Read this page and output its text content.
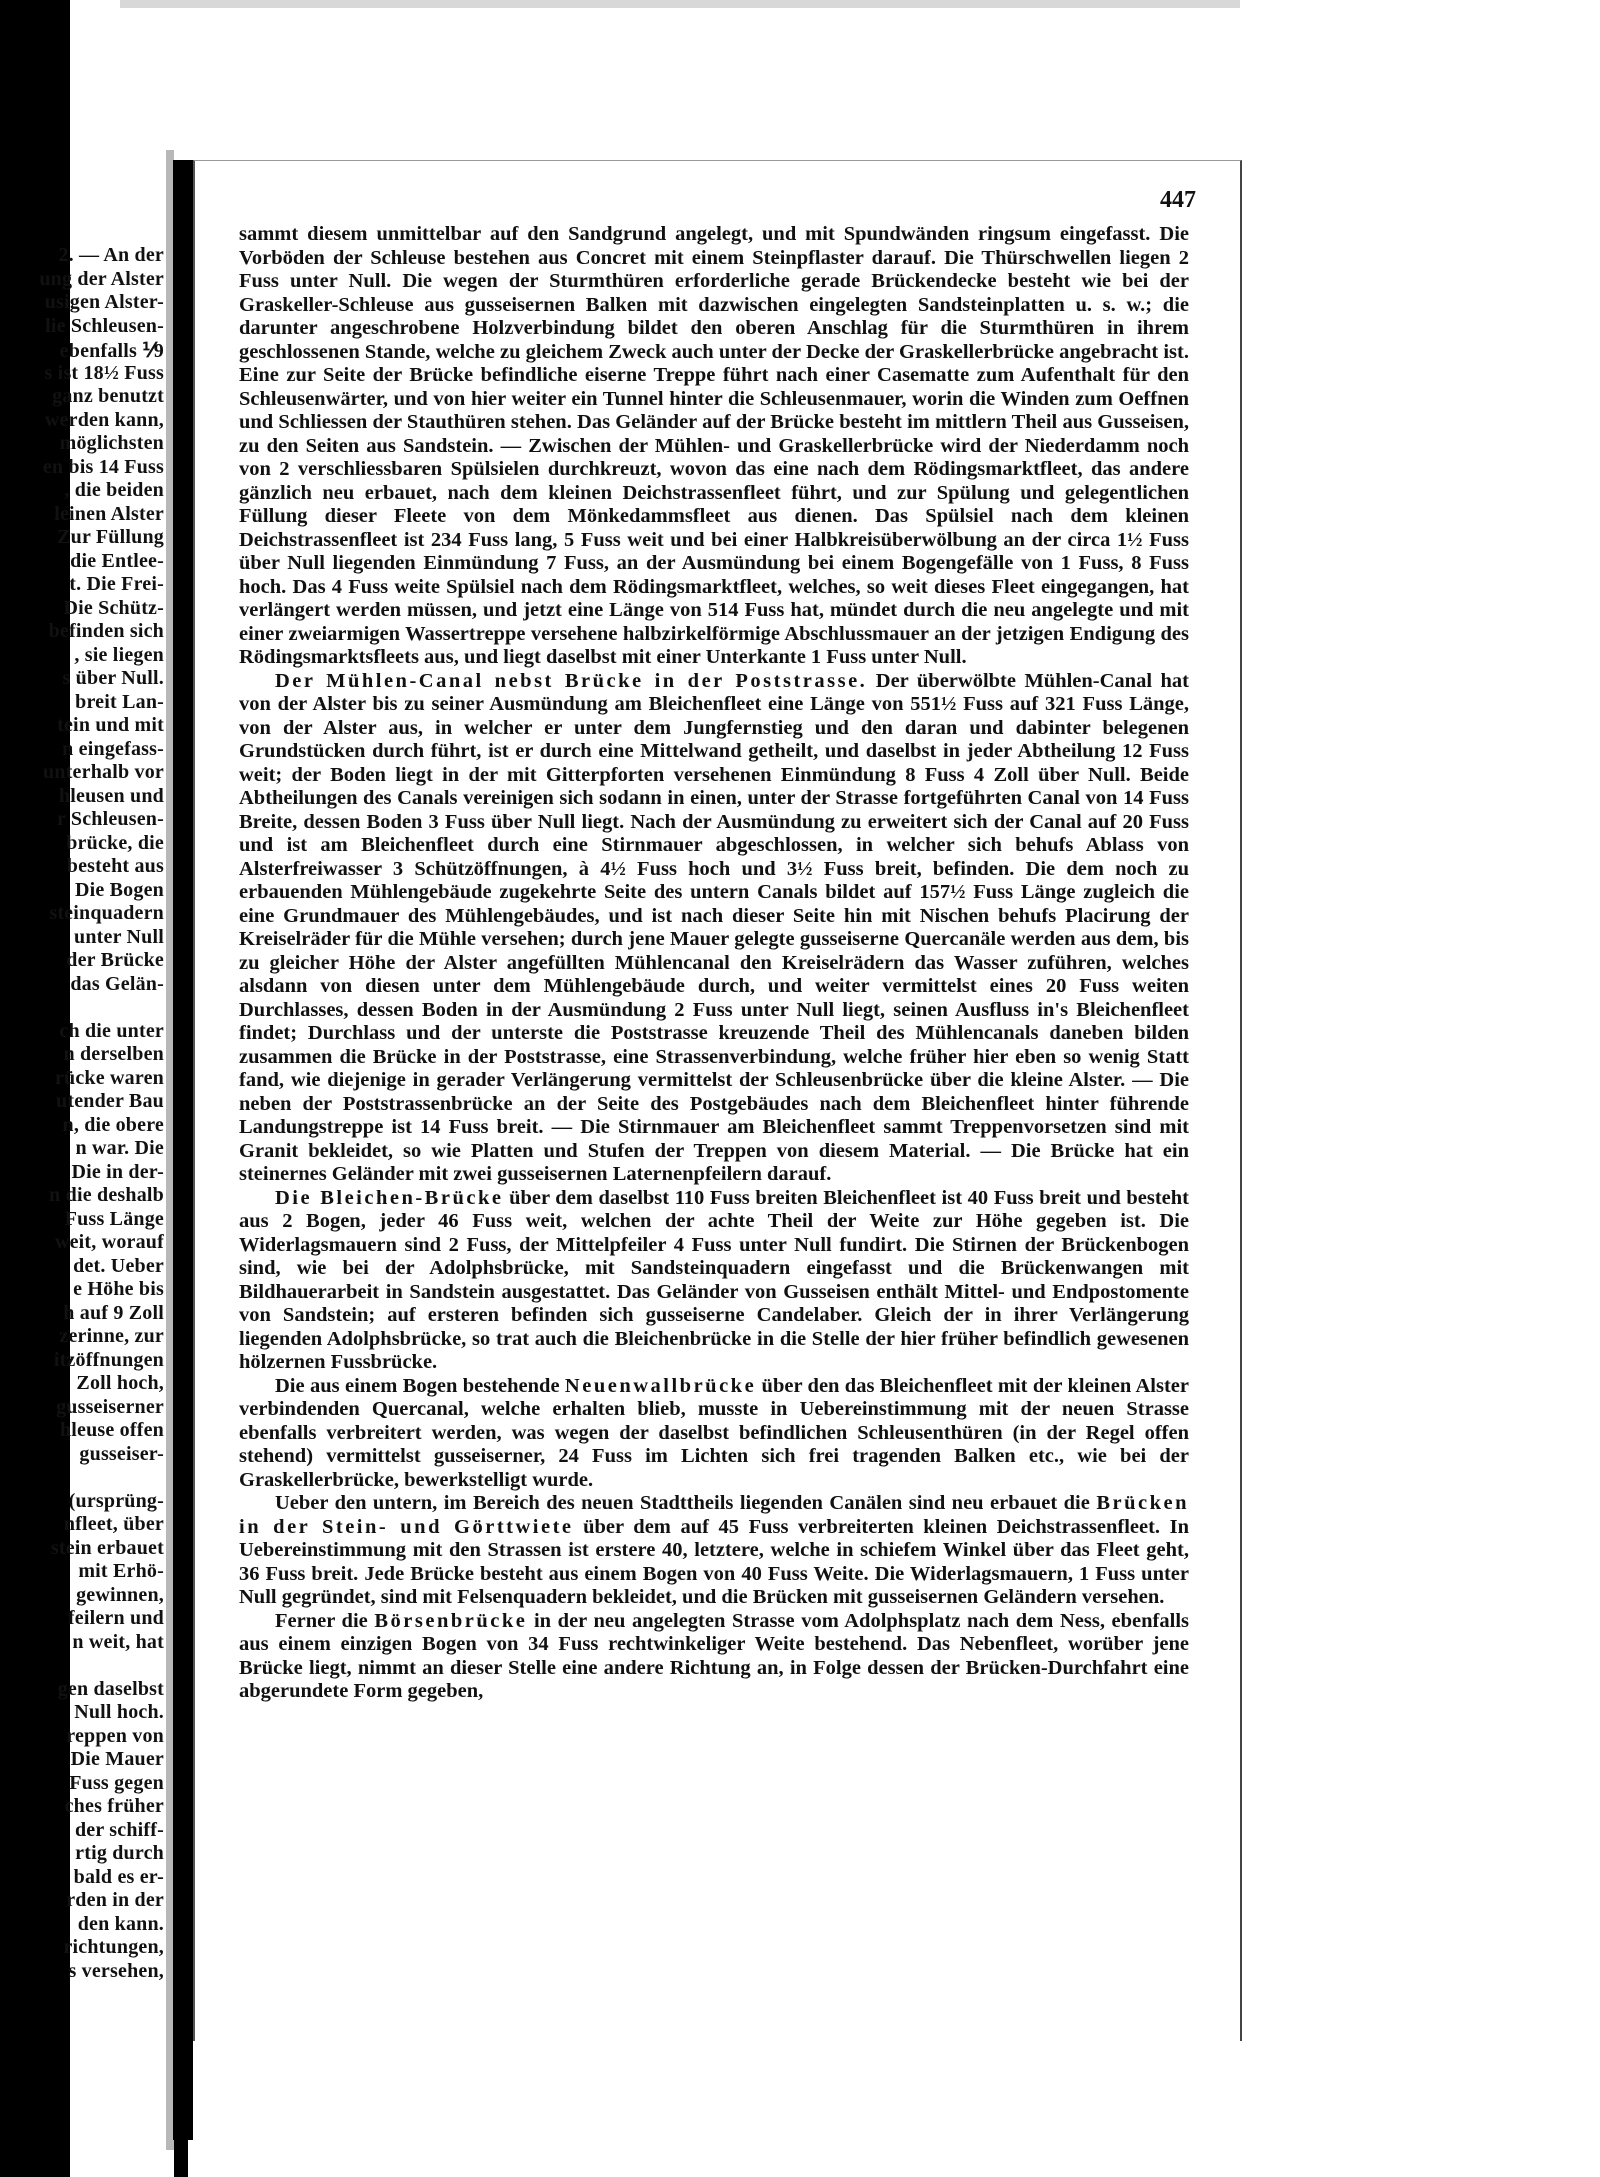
2. — An der
ung der Alster
usigen Alster-
lie Schleusen-
ebenfalls ⅟9
s ist 18½ Fuss
ganz benutzt
werden kann,
möglichsten
en bis 14 Fuss
, die beiden
leinen Alster
Zur Füllung
die Entlee-
t. Die Frei-
Die Schütz-
befinden sich
, sie liegen
s über Null.
breit Lan-
tein und mit
n eingefass-
unterhalb vor
hleusen und
r Schleusen-
brücke, die
besteht aus
Die Bogen
steinquadern
unter Null
der Brücke
das Gelän-
ch die unter
n derselben
rücke waren
utender Bau
n, die obere
n war. Die
Die in der-
n die deshalb
Fuss Länge
weit, worauf
det. Ueber
e Höhe bis
h auf 9 Zoll
zerinne, zur
itzöffnungen
Zoll hoch,
gusseiserner
hleuse offen
gusseiser-
(ursprüng-
nfleet, über
stein erbauet
mit Erhö-
gewinnen,
feilern und
n weit, hat
gen daselbst
Null hoch.
reppen von
Die Mauer
Fuss gegen
ches früher
der schiff-
rtig durch
bald es er-
rden in der
den kann.
richtungen,
s versehen,
447

sammt diesem unmittelbar auf den Sandgrund angelegt, und mit Spundwänden ringsum eingefasst. Die Vorböden der Schleuse bestehen aus Concret mit einem Steinpflaster darauf. Die Thürschwellen liegen 2 Fuss unter Null. Die wegen der Sturmthüren erforderliche gerade Brückendecke besteht wie bei der Graskeller-Schleuse aus gusseisernen Balken mit dazwischen eingelegten Sandsteinplatten u. s. w.; die darunter angeschrobene Holzverbindung bildet den oberen Anschlag für die Sturmthüren in ihrem geschlossenen Stande, welche zu gleichem Zweck auch unter der Decke der Graskellerbrücke angebracht ist. Eine zur Seite der Brücke befindliche eiserne Treppe führt nach einer Casematte zum Aufenthalt für den Schleusenwärter, und von hier weiter ein Tunnel hinter die Schleusenmauer, worin die Winden zum Oeffnen und Schliessen der Stauthüren stehen. Das Geländer auf der Brücke besteht im mittlern Theil aus Gusseisen, zu den Seiten aus Sandstein. — Zwischen der Mühlen- und Graskellerbrücke wird der Niederdamm noch von 2 verschliessbaren Spülsielen durchkreuzt, wovon das eine nach dem Rödingsmarktfleet, das andere gänzlich neu erbauet, nach dem kleinen Deichstrassenfleet führt, und zur Spülung und gelegentlichen Füllung dieser Fleete von dem Mönkedammsfleet aus dienen. Das Spülsiel nach dem kleinen Deichstrassenfleet ist 234 Fuss lang, 5 Fuss weit und bei einer Halbkreisüberwölbung an der circa 1½ Fuss über Null liegenden Einmündung 7 Fuss, an der Ausmündung bei einem Bogengefälle von 1 Fuss, 8 Fuss hoch. Das 4 Fuss weite Spülsiel nach dem Rödingsmarktfleet, welches, so weit dieses Fleet eingegangen, hat verlängert werden müssen, und jetzt eine Länge von 514 Fuss hat, mündet durch die neu angelegte und mit einer zweiarmigen Wassertreppe versehene halbzirkelförmige Abschlussmauer an der jetzigen Endigung des Rödingsmarktsfleets aus, und liegt daselbst mit einer Unterkante 1 Fuss unter Null.

Der Mühlen-Canal nebst Brücke in der Poststrasse. Der überwölbte Mühlen-Canal hat von der Alster bis zu seiner Ausmündung am Bleichenfleet eine Länge von 551½ Fuss auf 321 Fuss Länge, von der Alster aus, in welcher er unter dem Jungfernstieg und den daran und dabinter belegenen Grundstücken durch führt, ist er durch eine Mittelwand getheilt, und daselbst in jeder Abtheilung 12 Fuss weit; der Boden liegt in der mit Gitterpforten versehenen Einmündung 8 Fuss 4 Zoll über Null. Beide Abtheilungen des Canals vereinigen sich sodann in einen, unter der Strasse fortgeführten Canal von 14 Fuss Breite, dessen Boden 3 Fuss über Null liegt. Nach der Ausmündung zu erweitert sich der Canal auf 20 Fuss und ist am Bleichenfleet durch eine Stirnmauer abgeschlossen, in welcher sich behufs Ablass von Alsterfreiwasser 3 Schützöffnungen, à 4½ Fuss hoch und 3½ Fuss breit, befinden. Die dem noch zu erbauenden Mühlengebäude zugekehrte Seite des untern Canals bildet auf 157½ Fuss Länge zugleich die eine Grundmauer des Mühlengebäudes, und ist nach dieser Seite hin mit Nischen behufs Placirung der Kreiselräder für die Mühle versehen; durch jene Mauer gelegte gusseiserne Quercanäle werden aus dem, bis zu gleicher Höhe der Alster angefüllten Mühlencanal den Kreiselrädern das Wasser zuführen, welches alsdann von diesen unter dem Mühlengebäude durch, und weiter vermittelst eines 20 Fuss weiten Durchlasses, dessen Boden in der Ausmündung 2 Fuss unter Null liegt, seinen Ausfluss in's Bleichenfleet findet; Durchlass und der unterste die Poststrasse kreuzende Theil des Mühlencanals daneben bilden zusammen die Brücke in der Poststrasse, eine Strassenverbindung, welche früher hier eben so wenig Statt fand, wie diejenige in gerader Verlängerung vermittelst der Schleusenbrücke über die kleine Alster. — Die neben der Poststrassenbrücke an der Seite des Postgebäudes nach dem Bleichenfleet hinter führende Landungstreppe ist 14 Fuss breit. — Die Stirnmauer am Bleichenfleet sammt Treppenvorsetzen sind mit Granit bekleidet, so wie Platten und Stufen der Treppen von diesem Material. — Die Brücke hat ein steinernes Geländer mit zwei gusseisernen Laternenpfeilern darauf.

Die Bleichen-Brücke über dem daselbst 110 Fuss breiten Bleichenfleet ist 40 Fuss breit und besteht aus 2 Bogen, jeder 46 Fuss weit, welchen der achte Theil der Weite zur Höhe gegeben ist. Die Widerlagsmauern sind 2 Fuss, der Mittelpfeiler 4 Fuss unter Null fundirt. Die Stirnen der Brückenbogen sind, wie bei der Adolphsbrücke, mit Sandsteinquadern eingefasst und die Brückenwangen mit Bildhauerarbeit in Sandstein ausgestattet. Das Geländer von Gusseisen enthält Mittel- und Endpostomente von Sandstein; auf ersteren befinden sich gusseiserne Candelaber. Gleich der in ihrer Verlängerung liegenden Adolphsbrücke, so trat auch die Bleichenbrücke in die Stelle der hier früher befindlich gewesenen hölzernen Fussbrücke.

Die aus einem Bogen bestehende Neuenwallbrücke über den das Bleichenfleet mit der kleinen Alster verbindenden Quercanal, welche erhalten blieb, musste in Uebereinstimmung mit der neuen Strasse ebenfalls verbreitert werden, was wegen der daselbst befindlichen Schleusenthüren (in der Regel offen stehend) vermittelst gusseiserner, 24 Fuss im Lichten sich frei tragenden Balken etc., wie bei der Graskellerbrücke, bewerkstelligt wurde.

Ueber den untern, im Bereich des neuen Stadttheils liegenden Canälen sind neu erbauet die Brücken in der Stein- und Görttwiete über dem auf 45 Fuss verbreiterten kleinen Deichstrassenfleet. In Uebereinstimmung mit den Strassen ist erstere 40, letztere, welche in schiefem Winkel über das Fleet geht, 36 Fuss breit. Jede Brücke besteht aus einem Bogen von 40 Fuss Weite. Die Widerlagsmauern, 1 Fuss unter Null gegründet, sind mit Felsenquadern bekleidet, und die Brücken mit gusseisernen Geländern versehen.

Ferner die Börsenbrücke in der neu angelegten Strasse vom Adolphsplatz nach dem Ness, ebenfalls aus einem einzigen Bogen von 34 Fuss rechtwinkeliger Weite bestehend. Das Nebenfleet, worüber jene Brücke liegt, nimmt an dieser Stelle eine andere Richtung an, in Folge dessen der Brücken-Durchfahrt eine abgerundete Form gegeben,
